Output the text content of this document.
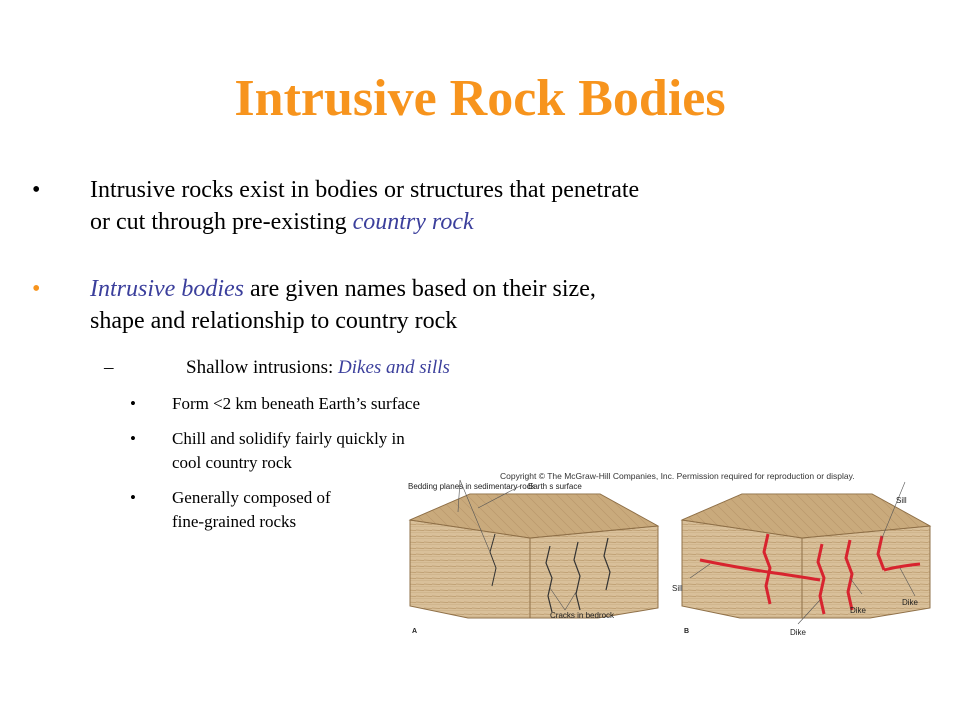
Intrusive Rock Bodies
• Intrusive rocks exist in bodies or structures that penetrate
or cut through pre-existing country rock
• Intrusive bodies are given names based on their size,
shape and relationship to country rock
–	Shallow intrusions: Dikes and sills
• Form <2 km beneath Earth’s surface
• Chill and solidify fairly quickly in
cool country rock
• Generally composed of
fine-grained rocks
Copyright © The McGraw-Hill Companies, Inc. Permission required for reproduction or display.
Bedding planes in sedimentary rock
Earth s surface
Cracks in bedrock
A
Sill
Sill
Dike
Dike
Dike
B
